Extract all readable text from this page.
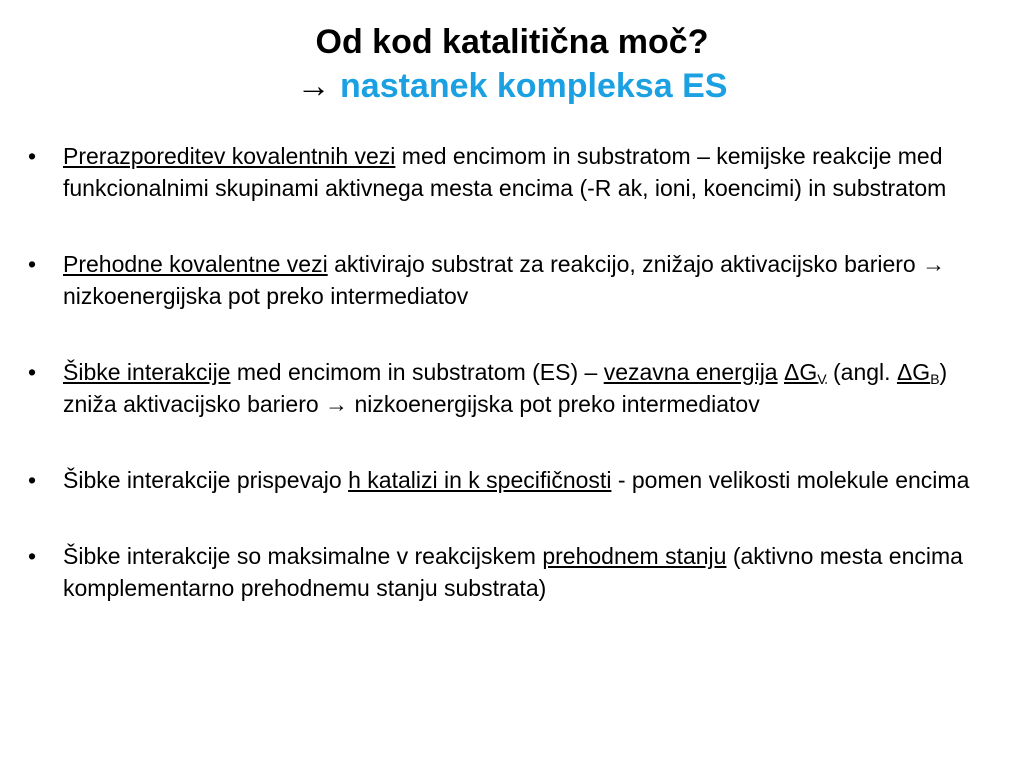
Od kod katalitična moč?
→ nastanek kompleksa ES
• Prerazporeditev kovalentnih vezi med encimom in substratom – kemijske reakcije med funkcionalnimi skupinami aktivnega mesta encima (-R ak, ioni, koencimi) in substratom
• Prehodne kovalentne vezi aktivirajo substrat za reakcijo, znižajo aktivacijsko bariero → nizkoenergijska pot preko intermediatov
• Šibke interakcije med encimom in substratom (ES) – vezavna energija $\Delta G_V$ (angl. $\Delta G_B$) zniža aktivacijsko bariero → nizkoenergijska pot preko intermediatov
• Šibke interakcije prispevajo h katalizi in k specifičnosti - pomen velikosti molekule encima
• Šibke interakcije so maksimalne v reakcijskem prehodnem stanju (aktivno mesta encima komplementarno prehodnemu stanju substrata)
